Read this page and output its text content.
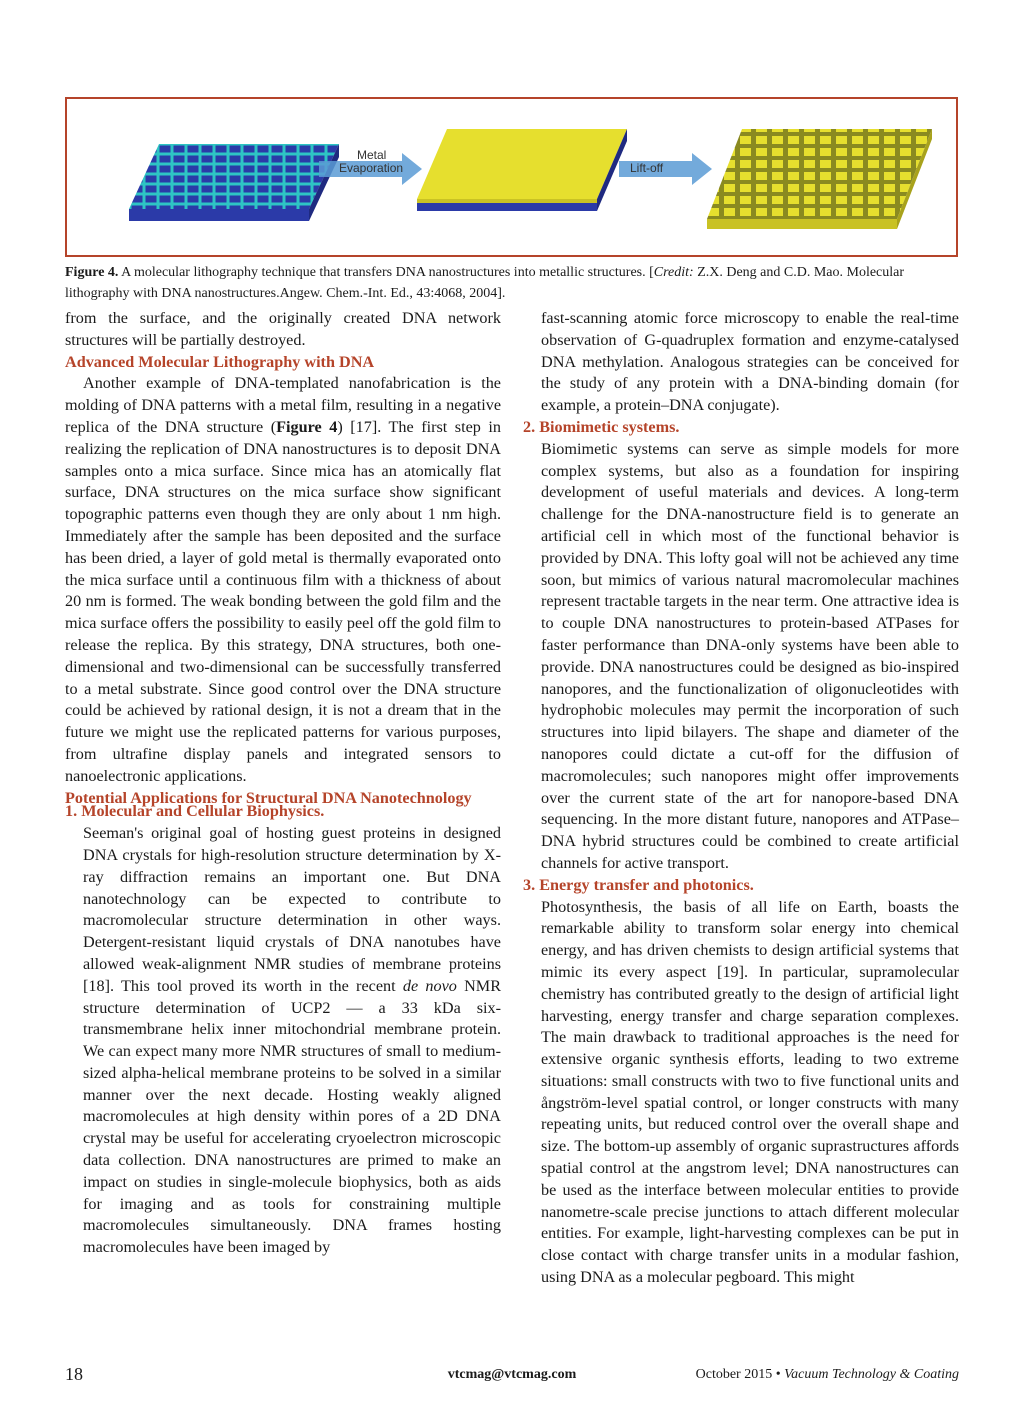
Metal
Evaporation	Lift-off
Figure 4. A molecular lithography technique that transfers DNA nanostructures into metallic structures. [Credit: Z.X. Deng and C.D. Mao. Molecular lithography with DNA nanostructures.Angew. Chem.-Int. Ed., 43:4068, 2004].

from the surface, and the originally created DNA network structures will be partially destroyed.

Advanced Molecular Lithography with DNA

Another example of DNA-templated nanofabrication is the molding of DNA patterns with a metal film, resulting in a negative replica of the DNA structure (Figure 4) [17]. The first step in realizing the replication of DNA nanostructures is to deposit DNA samples onto a mica surface. Since mica has an atomically flat surface, DNA structures on the mica surface show significant topographic patterns even though they are only about 1 nm high. Immediately after the sample has been deposited and the surface has been dried, a layer of gold metal is thermally evaporated onto the mica surface until a continuous film with a thickness of about 20 nm is formed. The weak bonding between the gold film and the mica surface offers the possibility to easily peel off the gold film to release the replica. By this strategy, DNA structures, both one-dimensional and two-dimensional can be successfully transferred to a metal substrate. Since good control over the DNA structure could be achieved by rational design, it is not a dream that in the future we might use the replicated patterns for various purposes, from ultrafine display panels and integrated sensors to nanoelectronic applications.

Potential Applications for Structural DNA Nanotechnology

1. Molecular and Cellular Biophysics.

Seeman's original goal of hosting guest proteins in designed DNA crystals for high-resolution structure determination by X-ray diffraction remains an important one. But DNA nanotechnology can be expected to contribute to macromolecular structure determination in other ways. Detergent-resistant liquid crystals of DNA nanotubes have allowed weak-alignment NMR studies of membrane proteins [18]. This tool proved its worth in the recent de novo NMR structure determination of UCP2 — a 33 kDa six-transmembrane helix inner mitochondrial membrane protein. We can expect many more NMR structures of small to medium-sized alpha-helical membrane proteins to be solved in a similar manner over the next decade. Hosting weakly aligned macromolecules at high density within pores of a 2D DNA crystal may be useful for accelerating cryoelectron microscopic data collection. DNA nanostructures are primed to make an impact on studies in single-molecule biophysics, both as aids for imaging and as tools for constraining multiple macromolecules simultaneously. DNA frames hosting macromolecules have been imaged by

fast-scanning atomic force microscopy to enable the real-time observation of G-quadruplex formation and enzyme-catalysed DNA methylation. Analogous strategies can be conceived for the study of any protein with a DNA-binding domain (for example, a protein–DNA conjugate).

2. Biomimetic systems.

Biomimetic systems can serve as simple models for more complex systems, but also as a foundation for inspiring development of useful materials and devices. A long-term challenge for the DNA-nanostructure field is to generate an artificial cell in which most of the functional behavior is provided by DNA. This lofty goal will not be achieved any time soon, but mimics of various natural macromolecular machines represent tractable targets in the near term. One attractive idea is to couple DNA nanostructures to protein-based ATPases for faster performance than DNA-only systems have been able to provide. DNA nanostructures could be designed as bio-inspired nanopores, and the functionalization of oligonucleotides with hydrophobic molecules may permit the incorporation of such structures into lipid bilayers. The shape and diameter of the nanopores could dictate a cut-off for the diffusion of macromolecules; such nanopores might offer improvements over the current state of the art for nanopore-based DNA sequencing. In the more distant future, nanopores and ATPase–DNA hybrid structures could be combined to create artificial channels for active transport.

3. Energy transfer and photonics.

Photosynthesis, the basis of all life on Earth, boasts the remarkable ability to transform solar energy into chemical energy, and has driven chemists to design artificial systems that mimic its every aspect [19]. In particular, supramolecular chemistry has contributed greatly to the design of artificial light harvesting, energy transfer and charge separation complexes. The main drawback to traditional approaches is the need for extensive organic synthesis efforts, leading to two extreme situations: small constructs with two to five functional units and ångström-level spatial control, or longer constructs with many repeating units, but reduced control over the overall shape and size. The bottom-up assembly of organic suprastructures affords spatial control at the angstrom level; DNA nanostructures can be used as the interface between molecular entities to provide nanometre-scale precise junctions to attach different molecular entities. For example, light-harvesting complexes can be put in close contact with charge transfer units in a modular fashion, using DNA as a molecular pegboard. This might

18	vtcmag@vtcmag.com	October 2015 • Vacuum Technology & Coating
